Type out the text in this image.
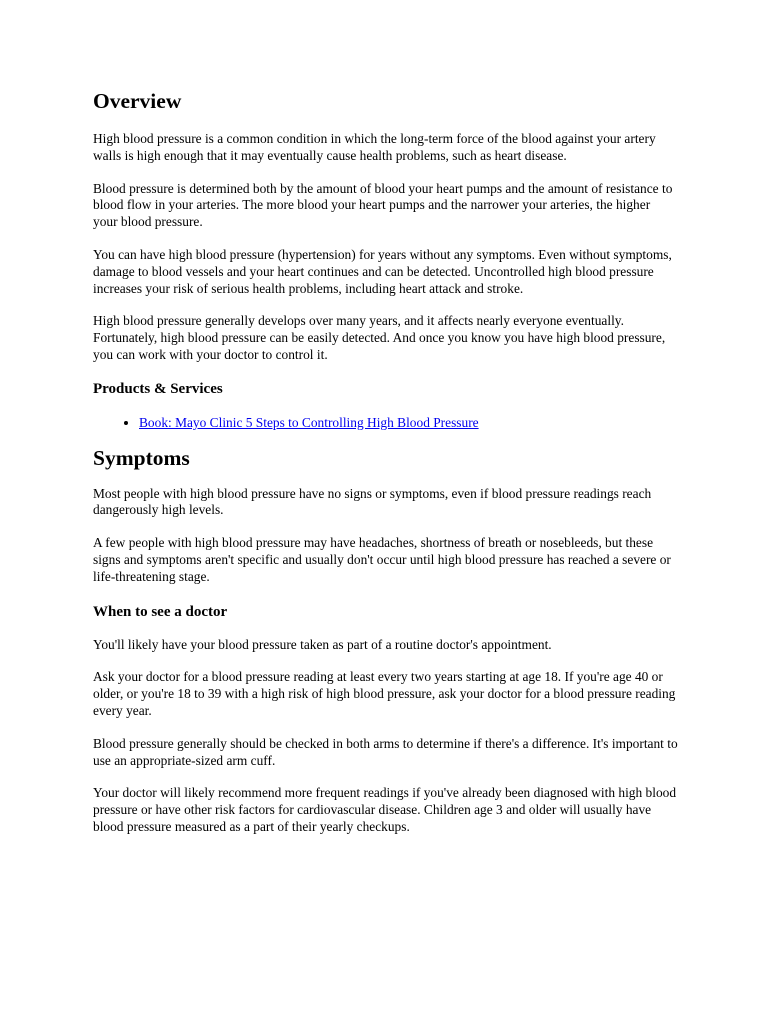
Overview

High blood pressure is a common condition in which the long-term force of the blood against your artery walls is high enough that it may eventually cause health problems, such as heart disease.

Blood pressure is determined both by the amount of blood your heart pumps and the amount of resistance to blood flow in your arteries. The more blood your heart pumps and the narrower your arteries, the higher your blood pressure.

You can have high blood pressure (hypertension) for years without any symptoms. Even without symptoms, damage to blood vessels and your heart continues and can be detected. Uncontrolled high blood pressure increases your risk of serious health problems, including heart attack and stroke.

High blood pressure generally develops over many years, and it affects nearly everyone eventually. Fortunately, high blood pressure can be easily detected. And once you know you have high blood pressure, you can work with your doctor to control it.

Products & Services
• Book: Mayo Clinic 5 Steps to Controlling High Blood Pressure
Symptoms

Most people with high blood pressure have no signs or symptoms, even if blood pressure readings reach dangerously high levels.

A few people with high blood pressure may have headaches, shortness of breath or nosebleeds, but these signs and symptoms aren't specific and usually don't occur until high blood pressure has reached a severe or life-threatening stage.

When to see a doctor

You'll likely have your blood pressure taken as part of a routine doctor's appointment.

Ask your doctor for a blood pressure reading at least every two years starting at age 18. If you're age 40 or older, or you're 18 to 39 with a high risk of high blood pressure, ask your doctor for a blood pressure reading every year.

Blood pressure generally should be checked in both arms to determine if there's a difference. It's important to use an appropriate-sized arm cuff.

Your doctor will likely recommend more frequent readings if you've already been diagnosed with high blood pressure or have other risk factors for cardiovascular disease. Children age 3 and older will usually have blood pressure measured as a part of their yearly checkups.
